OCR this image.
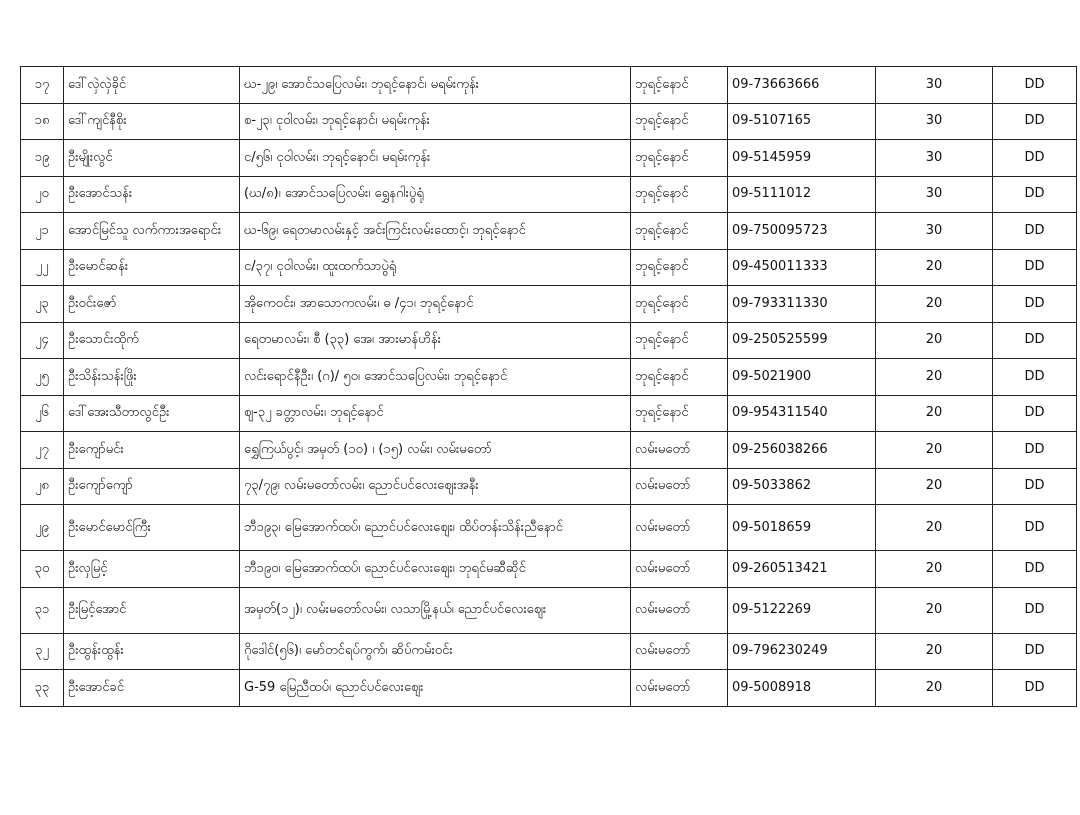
၁၇	ဒေါ်လှဲလှဲခိုင်	ဃ-၂၉၊ အောင်သပြေလမ်း၊ ဘုရင့်နောင်၊ မရမ်းကုန်း	ဘုရင့်နောင်	09-73663666	30	DD
၁၈	ဒေါ်ကျင်နီစိုး	စ-၂၃၊ ငုဝါလမ်း၊ ဘုရင့်နောင်၊ မရမ်းကုန်း	ဘုရင့်နောင်	09-5107165	30	DD
၁၉	ဦးမျိုးလွင်	င/၅၆၊ ငုဝါလမ်း၊ ဘုရင့်နောင်၊ မရမ်းကုန်း	ဘုရင့်နောင်	09-5145959	30	DD
၂၀	ဦးအောင်သန်း	(ဃ/၈)၊ အောင်သပြေလမ်း၊ ရွှေနဂါးပွဲရုံ	ဘုရင့်နောင်	09-5111012	30	DD
၂၁	အောင်မြင်သူ လက်ကားအရောင်း	ဃ-၆၉၊ ရေတမာလမ်းနှင့် အင်းကြင်းလမ်းထောင့်၊ ဘုရင့်နောင်	ဘုရင့်နောင်	09-750095723	30	DD
၂၂	ဦးမောင်ဆန်း	င/၃၇၊ ငုဝါလမ်း၊ ထူးထက်သာပွဲရုံ	ဘုရင့်နောင်	09-450011333	20	DD
၂၃	ဦးဝင်းဇော်	အိုကေဝင်း၊ အာသောကလမ်း၊ ဓ /၄၁၊ ဘုရင့်နောင်	ဘုရင့်နောင်	09-793311330	20	DD
၂၄	ဦးသောင်းထိုက်	ရေတမာလမ်း၊ စီ (၃၃) အေ၊ အားမာန်ဟိန်း	ဘုရင့်နောင်	09-250525599	20	DD
၂၅	ဦးသိန်းသန်းဖြိုး	လင်းရောင်နီဦး၊ (ဂ)/ ၅၀၊ အောင်သပြေလမ်း၊ ဘုရင့်နောင်	ဘုရင့်နောင်	09-5021900	20	DD
၂၆	ဒေါ်အေးသီတာလွင်ဦး	ဈ-၃၂ ခတ္တာလမ်း၊ ဘုရင့်နောင်	ဘုရင့်နောင်	09-954311540	20	DD
၂၇	ဦးကျော်မင်း	ရွှေကြယ်ပွင့်၊ အမှတ် (၁၀) ၊ (၁၅) လမ်း၊ လမ်းမတော်	လမ်းမတော်	09-256038266	20	DD
၂၈	ဦးကျော်ကျော်	၇၃/၇၉၊ လမ်းမတော်လမ်း၊ ညောင်ပင်လေးဈေးအနီး	လမ်းမတော်	09-5033862	20	DD
၂၉	ဦးမောင်မောင်ကြီး	ဘီ၁၉၃၊ မြေအောက်ထပ်၊ ညောင်ပင်လေးဈေး၊ ထိပ်တန်းသိန်းညီနောင်	လမ်းမတော်	09-5018659	20	DD
၃၀	ဦးလှမြင့်	ဘီ၁၉၀၊ မြေအောက်ထပ်၊ ညောင်ပင်လေးဈေး၊ ဘုရင်မဆီဆိုင်	လမ်းမတော်	09-260513421	20	DD
၃၁	ဦးမြင့်အောင်	အမှတ်(၁၂)၊ လမ်းမတော်လမ်း၊ လသာမြို့နယ်၊ ညောင်ပင်လေးဈေး	လမ်းမတော်	09-5122269	20	DD
၃၂	ဦးထွန်းထွန်း	ဂိုဒေါင်(၅၆)၊ မော်တင်ရပ်ကွက်၊ ဆိပ်ကမ်းဝင်း	လမ်းမတော်	09-796230249	20	DD
၃၃	ဦးအောင်ခင်	G-59 မြေညီထပ်၊ ညောင်ပင်လေးဈေး	လမ်းမတော်	09-5008918	20	DD
